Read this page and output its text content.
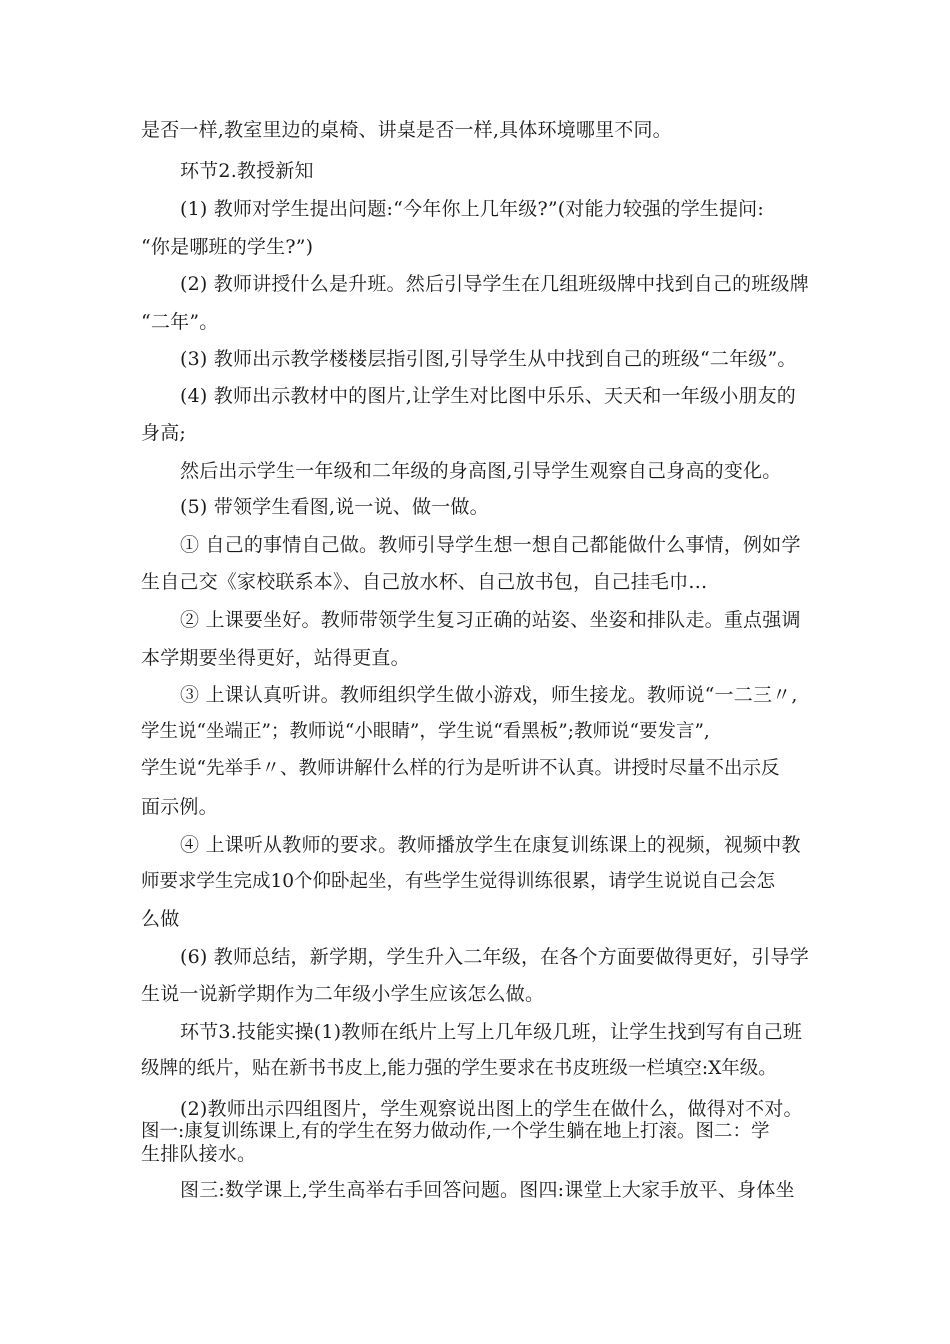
是否一样,教室里边的桌椅、讲桌是否一样,具体环境哪里不同。
环节2.教授新知
(1) 教师对学生提出问题:“今年你上几年级?”(对能力较强的学生提问:
“你是哪班的学生?”)
(2) 教师讲授什么是升班。然后引导学生在几组班级牌中找到自己的班级牌
“二年”。
(3) 教师出示教学楼楼层指引图,引导学生从中找到自己的班级“二年级”。
(4) 教师出示教材中的图片,让学生对比图中乐乐、天天和一年级小朋友的
身高;
然后出示学生一年级和二年级的身高图,引导学生观察自己身高的变化。
(5) 带领学生看图,说一说、做一做。
① 自己的事情自己做。教师引导学生想一想自己都能做什么事情，例如学
生自己交《家校联系本》、自己放水杯、自己放书包，自己挂毛巾…
② 上课要坐好。教师带领学生复习正确的站姿、坐姿和排队走。重点强调
本学期要坐得更好，站得更直。
③ 上课认真听讲。教师组织学生做小游戏，师生接龙。教师说“一二三〃,
学生说“坐端正”；教师说“小眼睛”，学生说“看黑板”;教师说“要发言”,
学生说“先举手〃、教师讲解什么样的行为是听讲不认真。讲授时尽量不出示反
面示例。
④ 上课听从教师的要求。教师播放学生在康复训练课上的视频，视频中教
师要求学生完成10个仰卧起坐，有些学生觉得训练很累，请学生说说自己会怎
么做
(6) 教师总结，新学期，学生升入二年级，在各个方面要做得更好，引导学
生说一说新学期作为二年级小学生应该怎么做。
环节3.技能实操(1)教师在纸片上写上几年级几班，让学生找到写有自己班
级牌的纸片，贴在新书书皮上,能力强的学生要求在书皮班级一栏填空:X年级。
(2)教师出示四组图片，学生观察说出图上的学生在做什么，做得对不对。
图一:康复训练课上,有的学生在努力做动作,一个学生躺在地上打滚。图二：学
生排队接水。
图三:数学课上,学生高举右手回答问题。图四:课堂上大家手放平、身体坐
